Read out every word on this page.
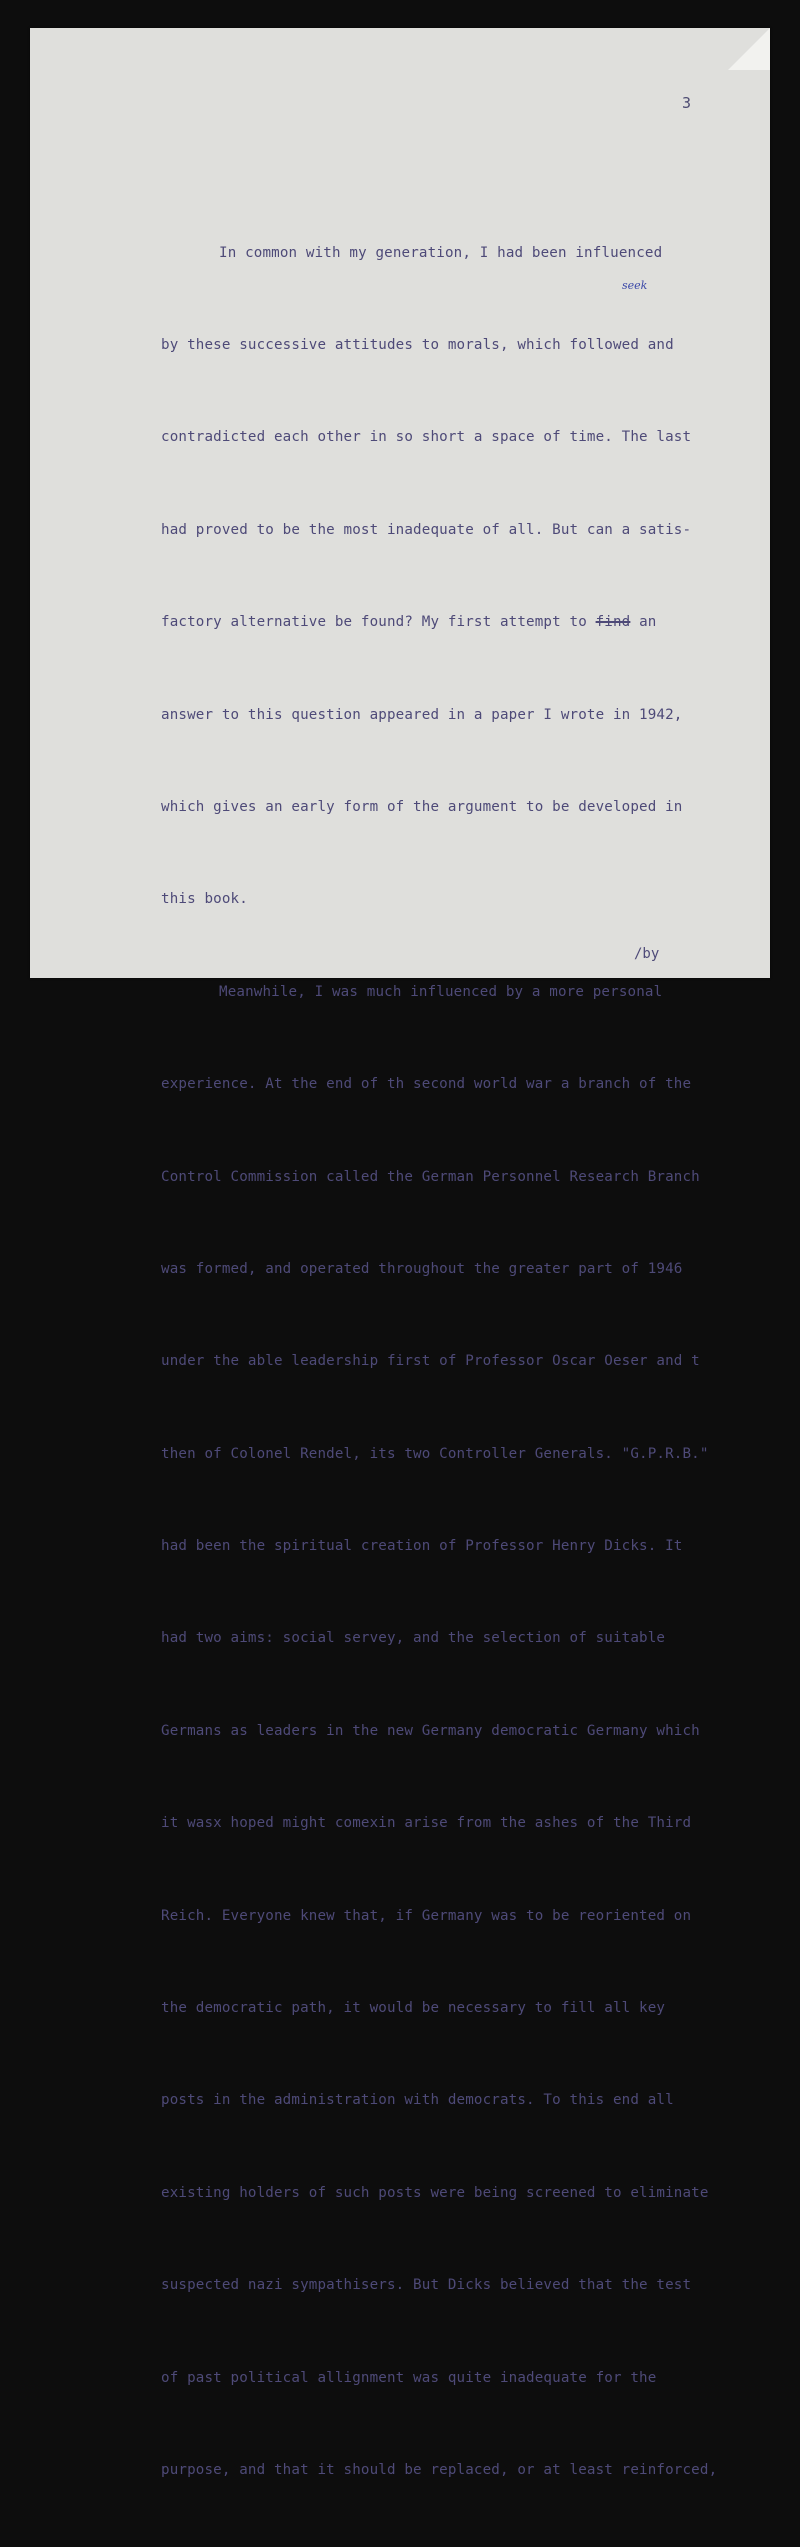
3
seek

In common with my generation, I had been influenced

by these successive attitudes to morals, which followed and

contradicted each other in so short a space of time. The last

had proved to be the most inadequate of all. But can a satis-

factory alternative be found? My first attempt to find an

answer to this question appeared in a paper I wrote in 1942,

which gives an early form of the argument to be developed in

this book.

Meanwhile, I was much influenced by a more personal

experience. At the end of th second world war a branch of the

Control Commission called the German Personnel Research Branch

was formed, and operated throughout the greater part of 1946

under the able leadership first of Professor Oscar Oeser and t

then of Colonel Rendel, its two Controller Generals. "G.P.R.B."

had been the spiritual creation of Professor Henry Dicks. It

had two aims: social servey, and the selection of suitable

Germans as leaders in the new Germany democratic Germany which

it wasx hoped might comexin arise from the ashes of the Third

Reich. Everyone knew that, if Germany was to be reoriented on

the democratic path, it would be necessary to fill all key

posts in the administration with democrats. To this end all

existing holders of such posts were being screened to eliminate

suspected nazi sympathisers. But Dicks believed that the test

of past political allignment was quite inadequate for the

purpose, and that it should be replaced, or at least reinforced,

/by
